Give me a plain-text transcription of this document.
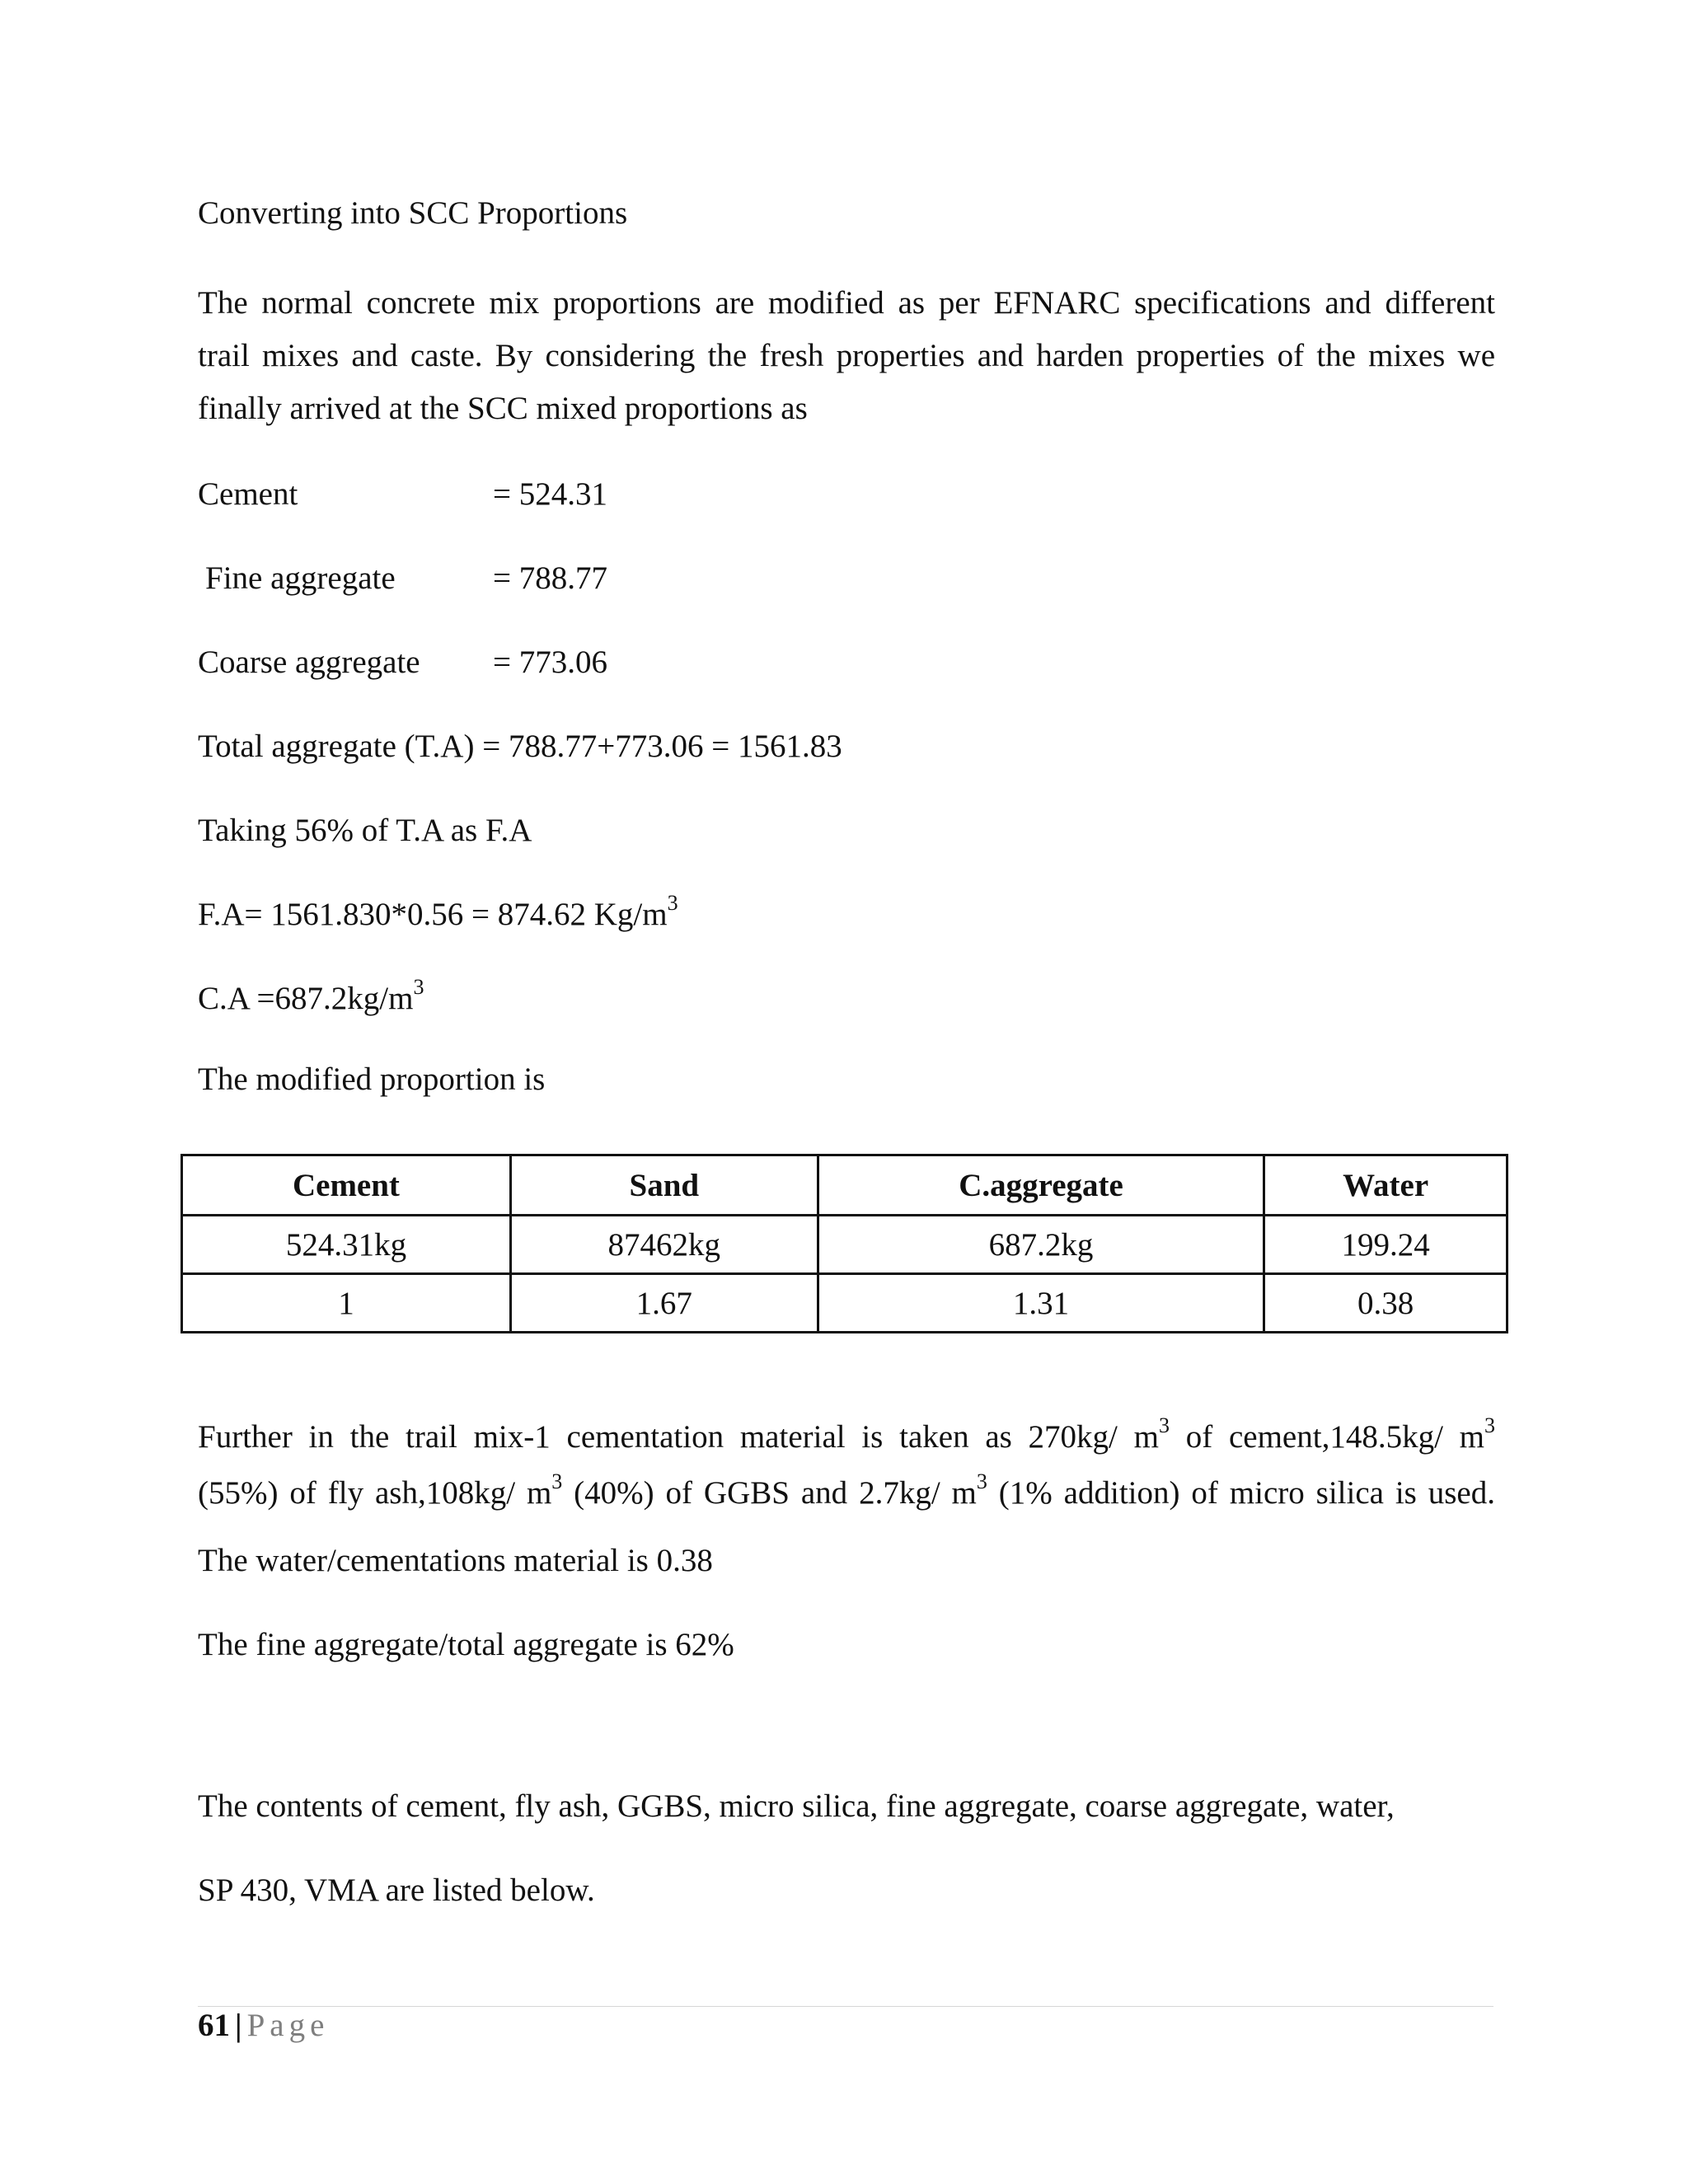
Converting into SCC Proportions

The normal concrete mix proportions are modified as per EFNARC specifications and different
trail mixes and caste. By considering the fresh properties and harden properties of the mixes we
finally arrived at the SCC mixed proportions as
Cement	= 524.31
Fine aggregate	= 788.77
Coarse aggregate = 773.06

Total aggregate (T.A) = 788.77+773.06 = 1561.83

Taking 56% of T.A as F.A

F.A= 1561.830*0.56 = 874.62 $Kg/m^3$

$C.A =687.2kg/m^3$

The modified proportion is

Cement	Sand	C.aggregate	Water
524.31kg	87462kg	687.2kg	199.24
1	1.67	1.31	0.38
Further in the trail mix-1 cementation material is taken as 270kg/ $m^3$ of cement,148.5kg/ $m^3$
(55%) of fly ash,108kg/ $m^3$ (40%) of GGBS and 2.7kg/ $m^3$ (1% addition) of micro silica is used.

The water/cementations material is 0.38

The fine aggregate/total aggregate is 62%

The contents of cement, fly ash, GGBS, micro silica, fine aggregate, coarse aggregate, water,

SP 430, VMA are listed below.

61 | Page
